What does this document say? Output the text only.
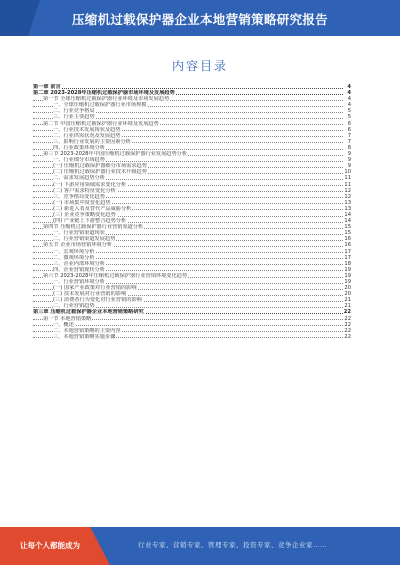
压缩机过载保护器企业本地营销策略研究报告
内容目录
第一章 前言	4
第二章 2023-2028年压缩机过载保护器市场环境及发展趋势	4
第一节 全球压缩机过载保护器行业环境及市场发展趋势	4
一、全球压缩机过载保护器行业市场规模	4
二、行业竞争格局	5
三、行业主要趋势	5
第二节 中国压缩机过载保护器行业环境及发展趋势	6
一、行业技术发展现状及趋势	6
二、行业供需状况及发展趋势	7
三、影响行业发展的主要因素分析	7
四、行业政策环境分析	8
第三节 2023-2028年中国压缩机过载保护器行业发展趋势分析	9
一、行业细分市场趋势	9
(一) 压缩机过载保护器细分市场需求趋势	9
(二) 压缩机过载保护器行业技术升级趋势	10
二、需求发展趋势分析	11
(一) 下游应用领域需求变化分析	11
(二) 客户需求特征变化分析	12
三、竞争格局变化趋势	12
(一) 市场集中度变化趋势	13
(二) 新进入者及替代产品威胁分析	13
(三) 企业竞争策略变化趋势	14
(四) 产业链上下游整合趋势分析	14
第四节 压缩机过载保护器行业营销渠道分析	15
一、行业营销渠道现状	15
二、行业营销渠道发展趋势	16
第五节 企业市场营销环境分析	16
一、宏观环境分析	17
二、微观环境分析	17
三、企业内部环境分析	18
四、企业营销现状分析	19
第六节 2023-2028年压缩机过载保护器行业营销环境变化趋势	19
一、行业营销环境分析	19
(一) 国家产业政策对行业营销的影响	20
(二) 技术发展对行业营销的影响	20
(三) 消费者行为变化对行业营销的影响	21
二、行业营销趋势	21
第三章 压缩机过载保护器企业本地营销策略研究	22
第一节 本地营销策略	22
一、概述	22
二、本地营销策略的主要内容	22
三、本地营销策略实施步骤	22
让每个人都能成为	行业专家、营销专家、管理专家、投资专家、竞争企业家……
